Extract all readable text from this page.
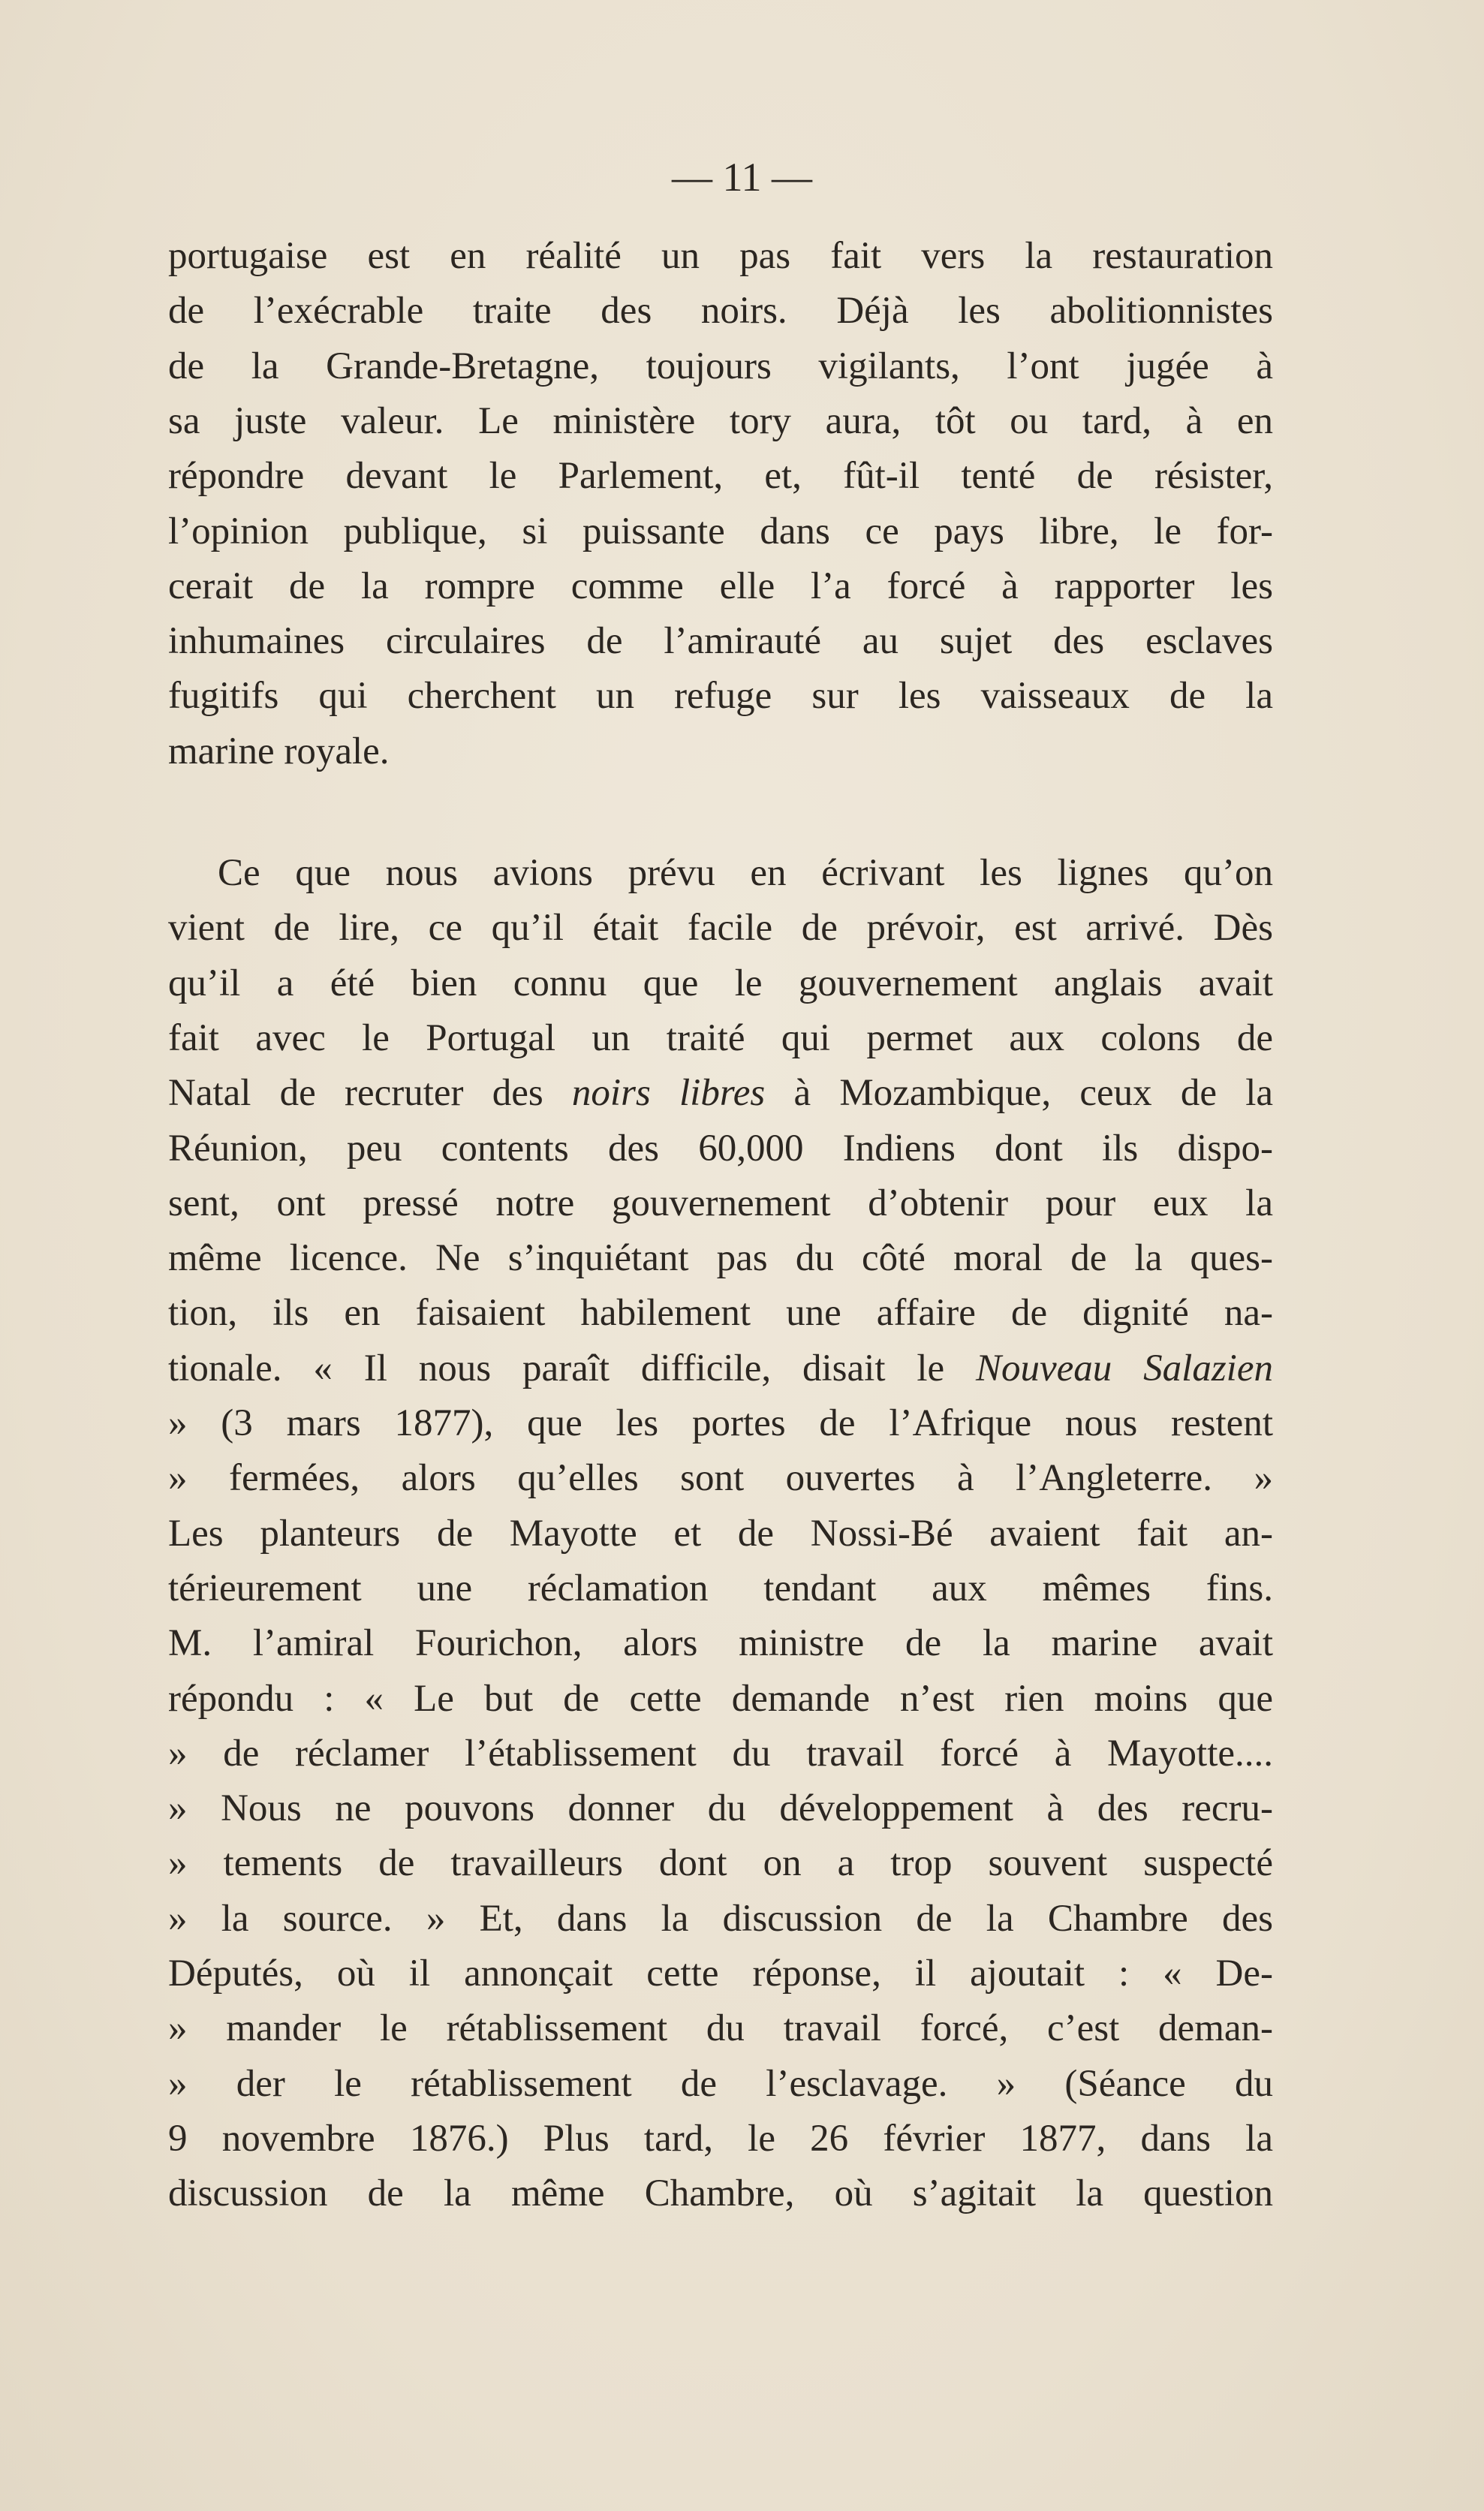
— 11 —
portugaise est en réalité un pas fait vers la restauration
de l’exécrable traite des noirs. Déjà les abolitionnistes
de la Grande-Bretagne, toujours vigilants, l’ont jugée à
sa juste valeur. Le ministère tory aura, tôt ou tard, à en
répondre devant le Parlement, et, fût-il tenté de résister,
l’opinion publique, si puissante dans ce pays libre, le for-
cerait de la rompre comme elle l’a forcé à rapporter les
inhumaines circulaires de l’amirauté au sujet des esclaves
fugitifs qui cherchent un refuge sur les vaisseaux de la
marine royale.
Ce que nous avions prévu en écrivant les lignes qu’on
vient de lire, ce qu’il était facile de prévoir, est arrivé. Dès
qu’il a été bien connu que le gouvernement anglais avait
fait avec le Portugal un traité qui permet aux colons de
Natal de recruter des noirs libres à Mozambique, ceux de la
Réunion, peu contents des 60,000 Indiens dont ils dispo-
sent, ont pressé notre gouvernement d’obtenir pour eux la
même licence. Ne s’inquiétant pas du côté moral de la ques-
tion, ils en faisaient habilement une affaire de dignité na-
tionale. « Il nous paraît difficile, disait le Nouveau Salazien
» (3 mars 1877), que les portes de l’Afrique nous restent
» fermées, alors qu’elles sont ouvertes à l’Angleterre. »
Les planteurs de Mayotte et de Nossi-Bé avaient fait an-
térieurement une réclamation tendant aux mêmes fins.
M. l’amiral Fourichon, alors ministre de la marine avait
répondu : « Le but de cette demande n’est rien moins que
» de réclamer l’établissement du travail forcé à Mayotte....
» Nous ne pouvons donner du développement à des recru-
» tements de travailleurs dont on a trop souvent suspecté
» la source. » Et, dans la discussion de la Chambre des
Députés, où il annonçait cette réponse, il ajoutait : « De-
» mander le rétablissement du travail forcé, c’est deman-
» der le rétablissement de l’esclavage. » (Séance du
9 novembre 1876.) Plus tard, le 26 février 1877, dans la
discussion de la même Chambre, où s’agitait la question
